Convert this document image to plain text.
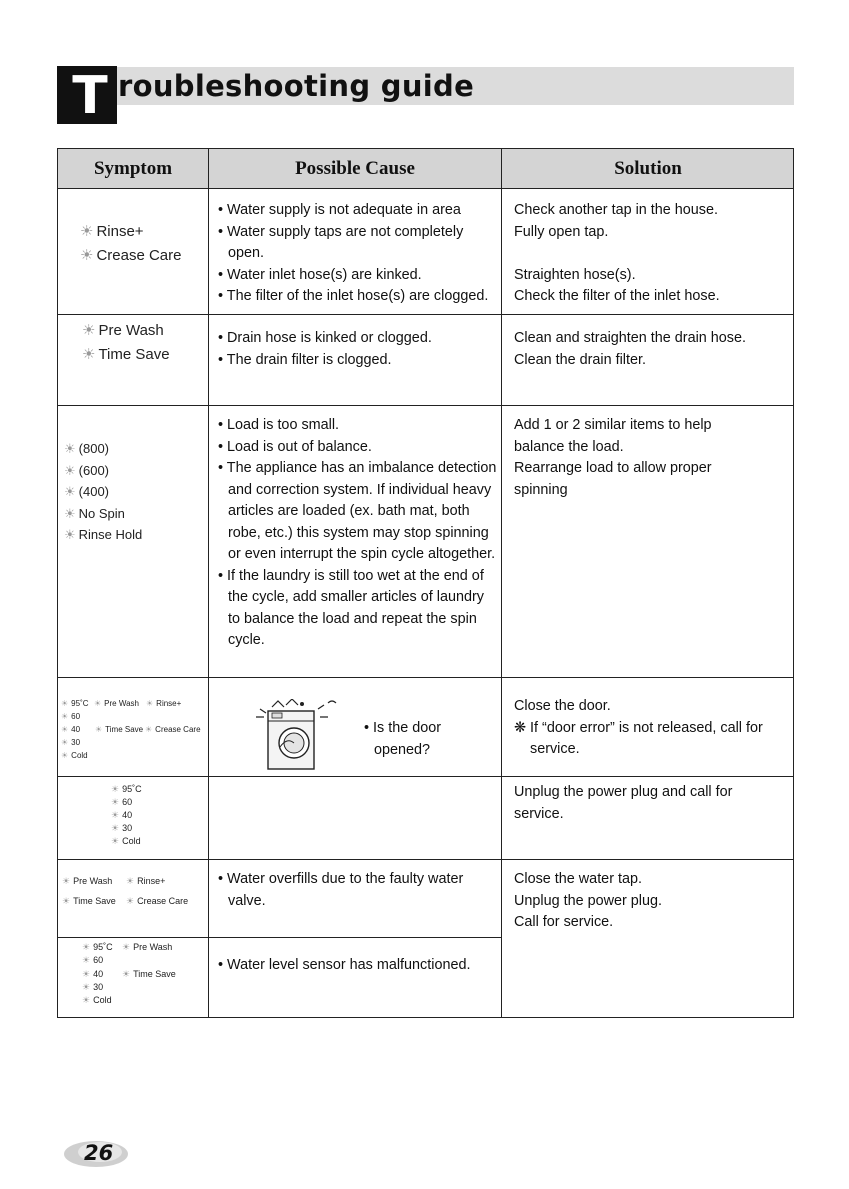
T roubleshooting guide
Symptom	Possible Cause	Solution
☀ Rinse+
☀ Crease Care

• Water supply is not adequate in area

• Water supply taps are not completely open.

• Water inlet hose(s) are kinked.

• The filter of the inlet hose(s) are clogged.

Check another tap in the house.

Fully open tap.

Straighten hose(s).

Check the filter of the inlet hose.

☀ Pre Wash
☀ Time Save

• Drain hose is kinked or clogged.

• The drain filter is clogged.

Clean and straighten the drain hose.

Clean the drain filter.

☀ (800)
☀ (600)
☀ (400)
☀ No Spin
☀ Rinse Hold

• Load is too small.

• Load is out of balance.

• The appliance has an imbalance detection and correction system. If individual heavy articles are loaded (ex. bath mat, both robe, etc.) this system may stop spinning or even interrupt the spin cycle altogether.

• If the laundry is still too wet at the end of the cycle, add smaller articles of laundry to balance the load and repeat the spin cycle.

Add 1 or 2 similar items to help balance the load.

Rearrange load to allow proper spinning

☀ 95˚C ☀ Pre Wash ☀ Rinse+
☀ 60
☀ 40 ☀ Time Save ☀ Crease Care
☀ 30
☀ Cold

• Is the door opened?

Close the door.

❋ If “door error” is not released, call for service.

☀ 95˚C
☀ 60
☀ 40
☀ 30
☀ Cold

Unplug the power plug and call for service.

☀ Pre Wash ☀ Rinse+
☀ Time Save ☀ Crease Care

• Water overfills due to the faulty water valve.

Close the water tap.

Unplug the power plug.

Call for service.

☀ 95˚C ☀ Pre Wash
☀ 60
☀ 40 ☀ Time Save
☀ 30
☀ Cold

• Water level sensor has malfunctioned.

26
